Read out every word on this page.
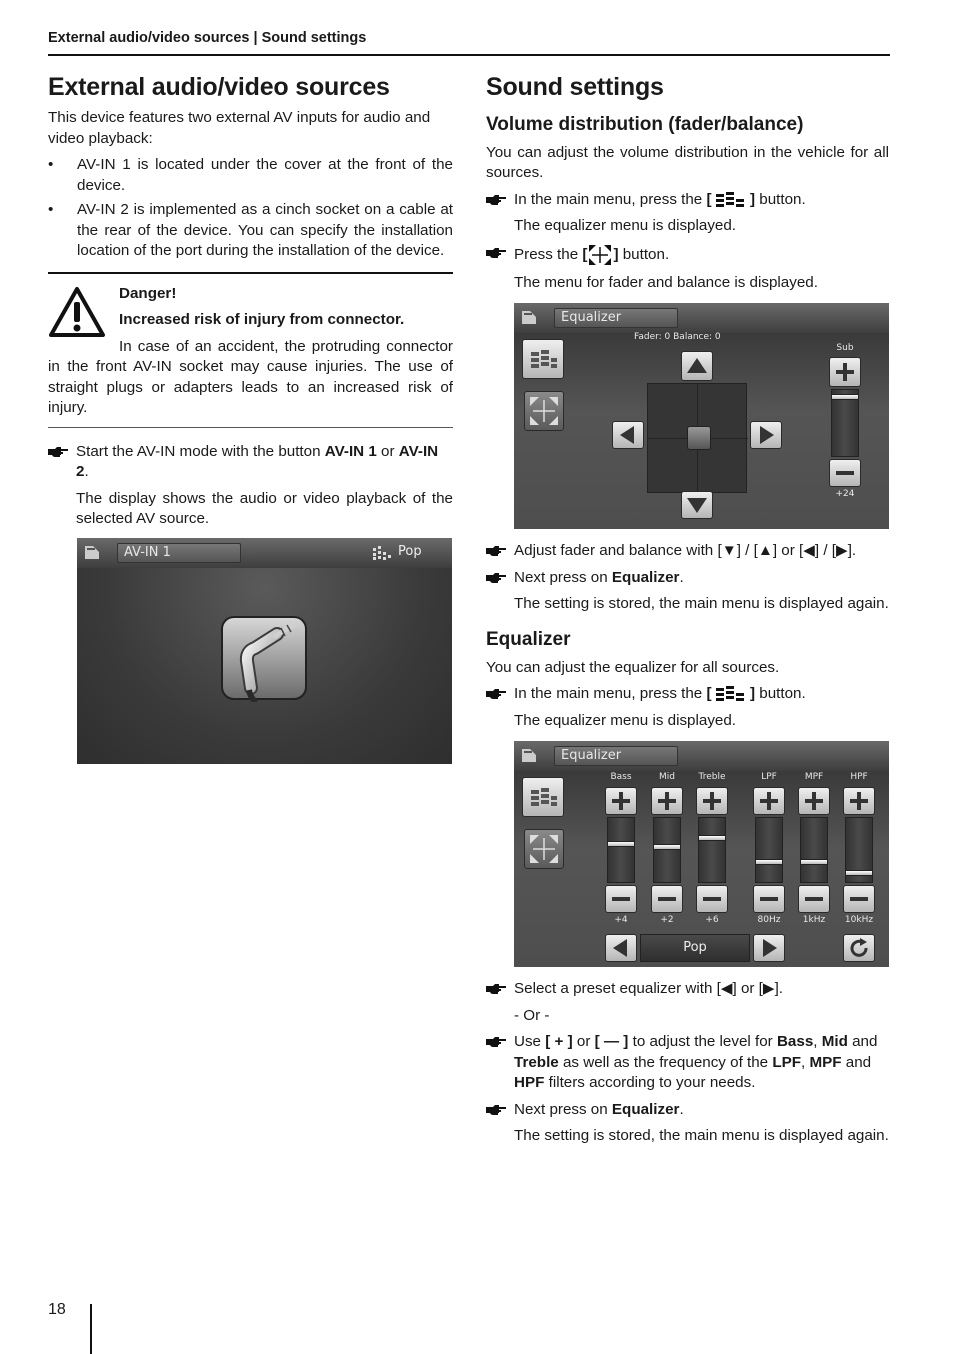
External audio/video sources | Sound settings
External audio/video sources

This device features two external AV inputs for audio and video playback:

• AV-IN 1 is located under the cover at the front of the device.
• AV-IN 2 is implemented as a cinch socket on a cable at the rear of the device. You can specify the installation location of the port during the installation of the device.
Danger!
Increased risk of injury from connector.
In case of an accident, the protruding connector in the front AV-IN socket may cause injuries. The use of straight plugs or adapters leads to an increased risk of injury.
Start the AV-IN mode with the button AV-IN 1 or AV-IN 2.
The display shows the audio or video playback of the selected AV source.
AV-IN 1	Pop
Sound settings
Volume distribution (fader/balance)

You can adjust the volume distribution in the vehicle for all sources.

In the main menu, press the [  ] button.
The equalizer menu is displayed.
Press the [ ] button.
The menu for fader and balance is displayed.
Equalizer
Fader: 0 Balance: 0
Sub
+24
Adjust fader and balance with [▼] / [▲] or [◀] / [▶].
Next press on Equalizer.
The setting is stored, the main menu is displayed again.
Equalizer

You can adjust the equalizer for all sources.

In the main menu, press the [  ] button.
The equalizer menu is displayed.
Equalizer
Bass
+4
Mid
+2
Treble
+6
LPF
80Hz
MPF
1kHz
HPF
10kHz
Pop
Select a preset equalizer with [◀] or [▶].
- Or -
Use [ + ] or [ — ] to adjust the level for Bass, Mid and Treble as well as the frequency of the LPF, MPF and HPF filters according to your needs.
Next press on Equalizer.
The setting is stored, the main menu is displayed again.
18
